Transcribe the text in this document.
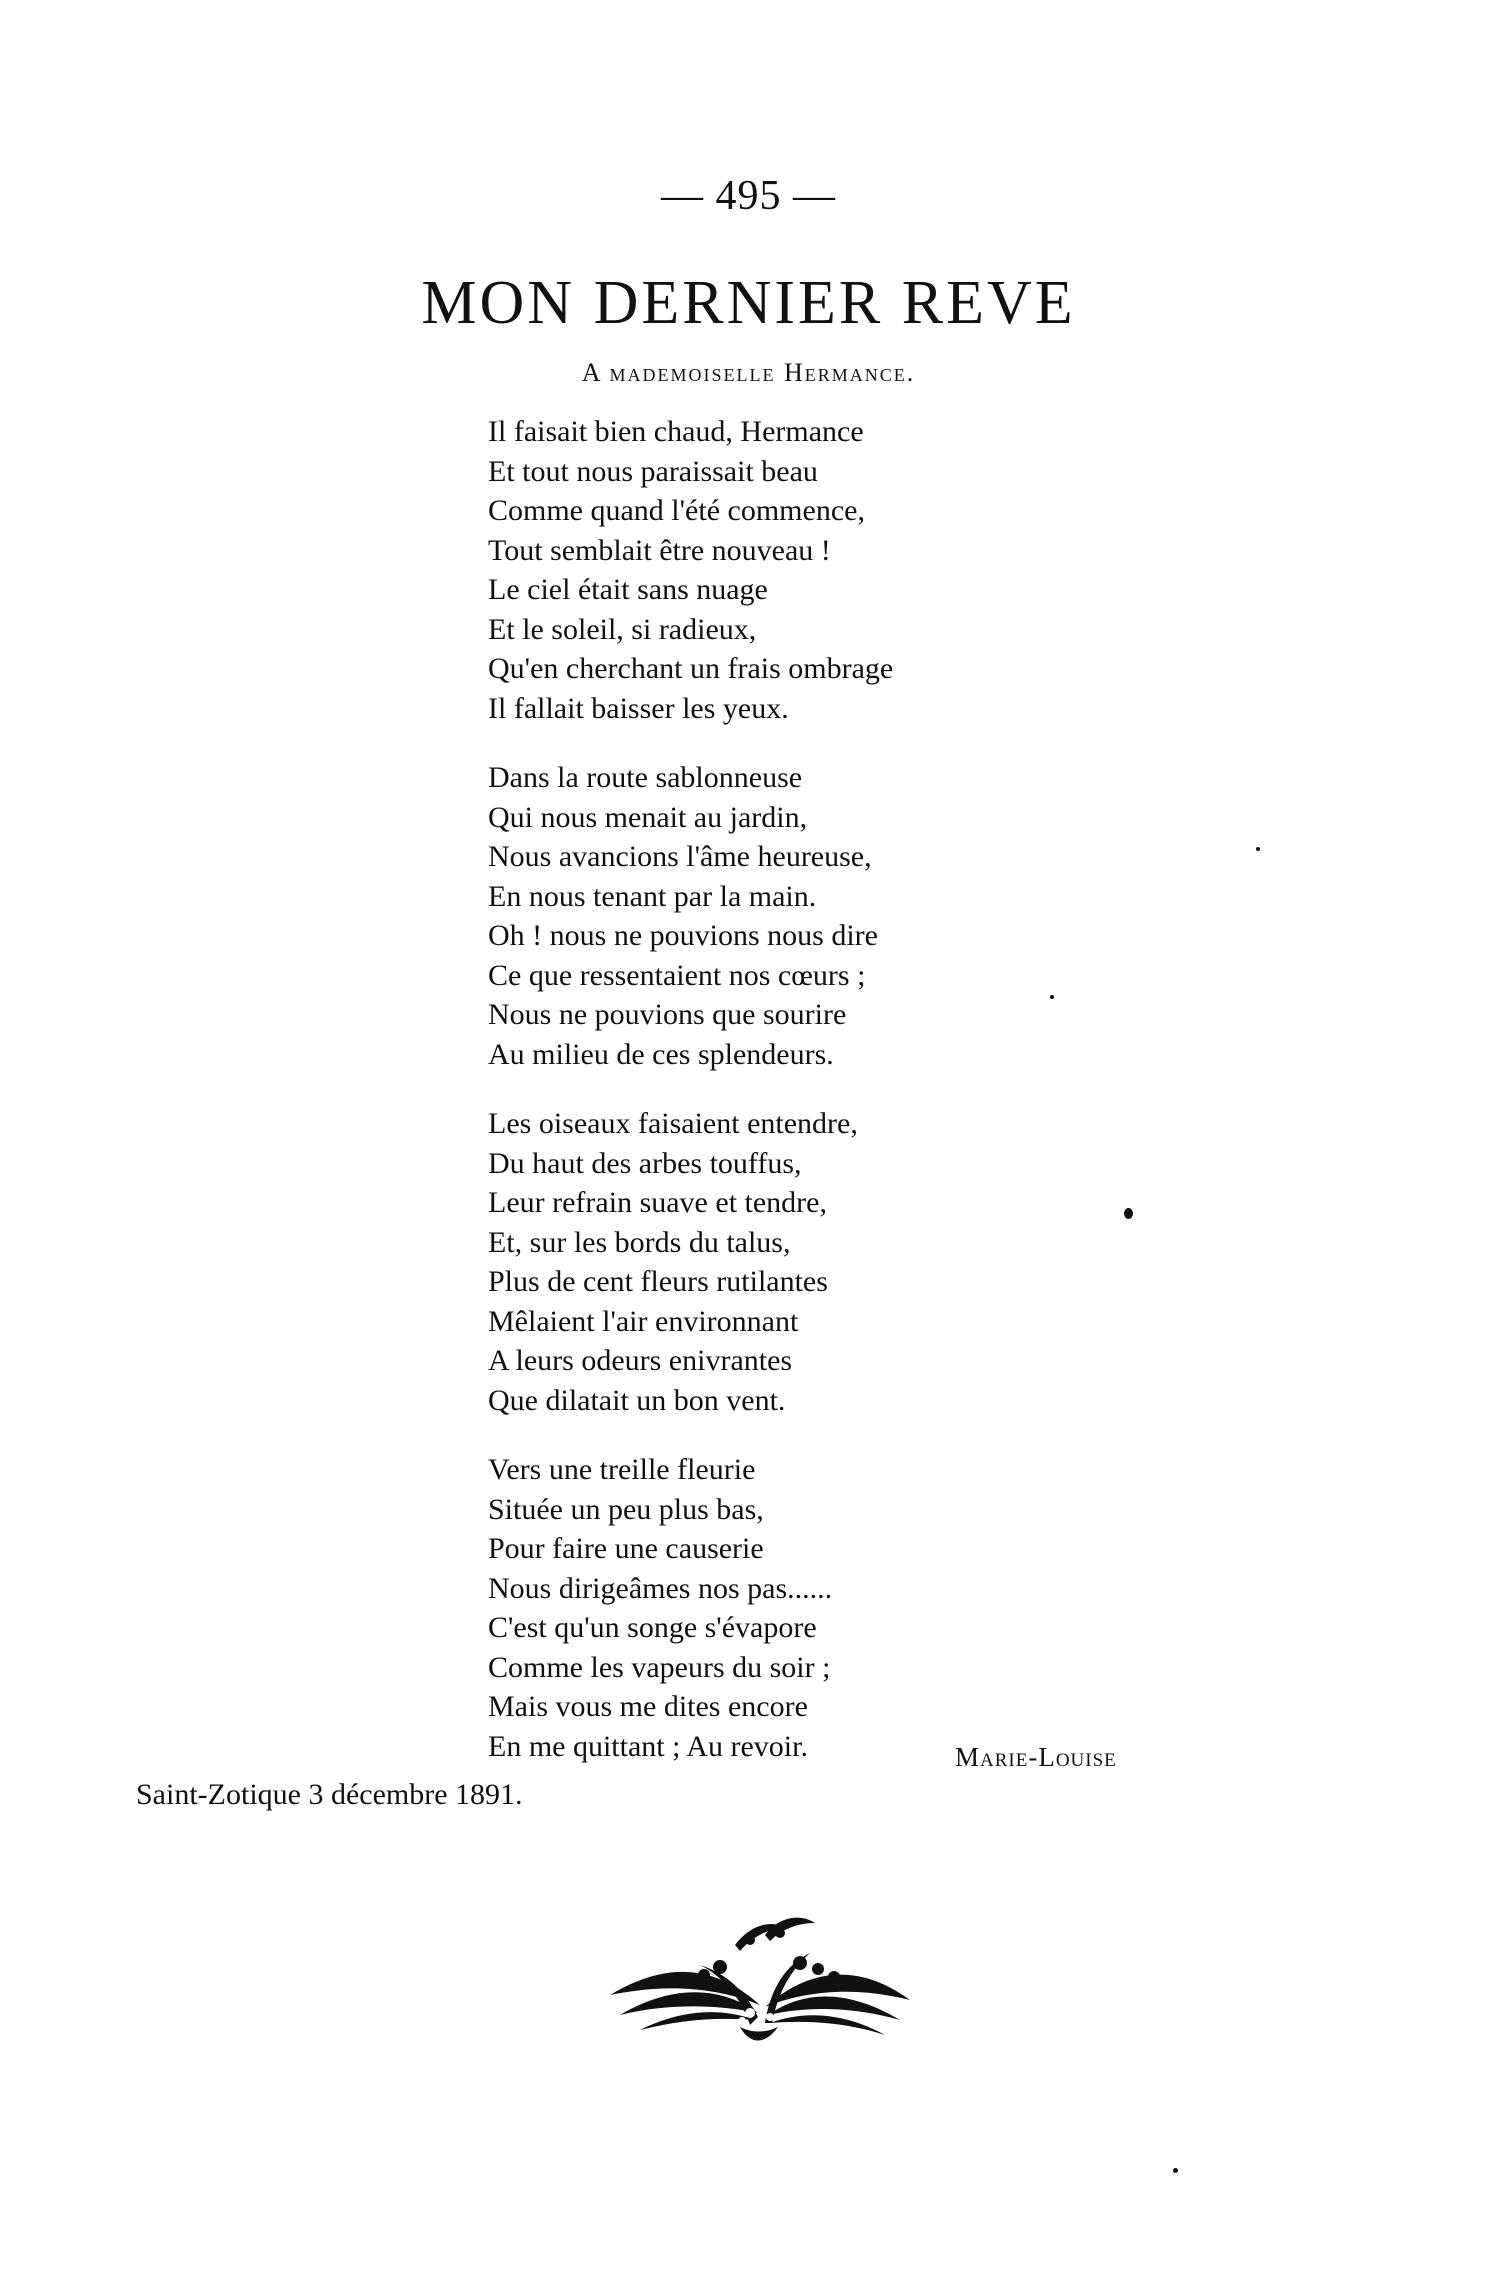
— 495 —
MON DERNIER REVE
A mademoiselle Hermance.
Il faisait bien chaud, Hermance
Et tout nous paraissait beau
Comme quand l'été commence,
Tout semblait être nouveau !
Le ciel était sans nuage
Et le soleil, si radieux,
Qu'en cherchant un frais ombrage
Il fallait baisser les yeux.
Dans la route sablonneuse
Qui nous menait au jardin,
Nous avancions l'âme heureuse,
En nous tenant par la main.
Oh ! nous ne pouvions nous dire
Ce que ressentaient nos cœurs ;
Nous ne pouvions que sourire
Au milieu de ces splendeurs.
Les oiseaux faisaient entendre,
Du haut des arbes touffus,
Leur refrain suave et tendre,
Et, sur les bords du talus,
Plus de cent fleurs rutilantes
Mêlaient l'air environnant
A leurs odeurs enivrantes
Que dilatait un bon vent.
Vers une treille fleurie
Située un peu plus bas,
Pour faire une causerie
Nous dirigeâmes nos pas......
C'est qu'un songe s'évapore
Comme les vapeurs du soir ;
Mais vous me dites encore
En me quittant ; Au revoir.	Marie-Louise
Saint-Zotique 3 décembre 1891.
